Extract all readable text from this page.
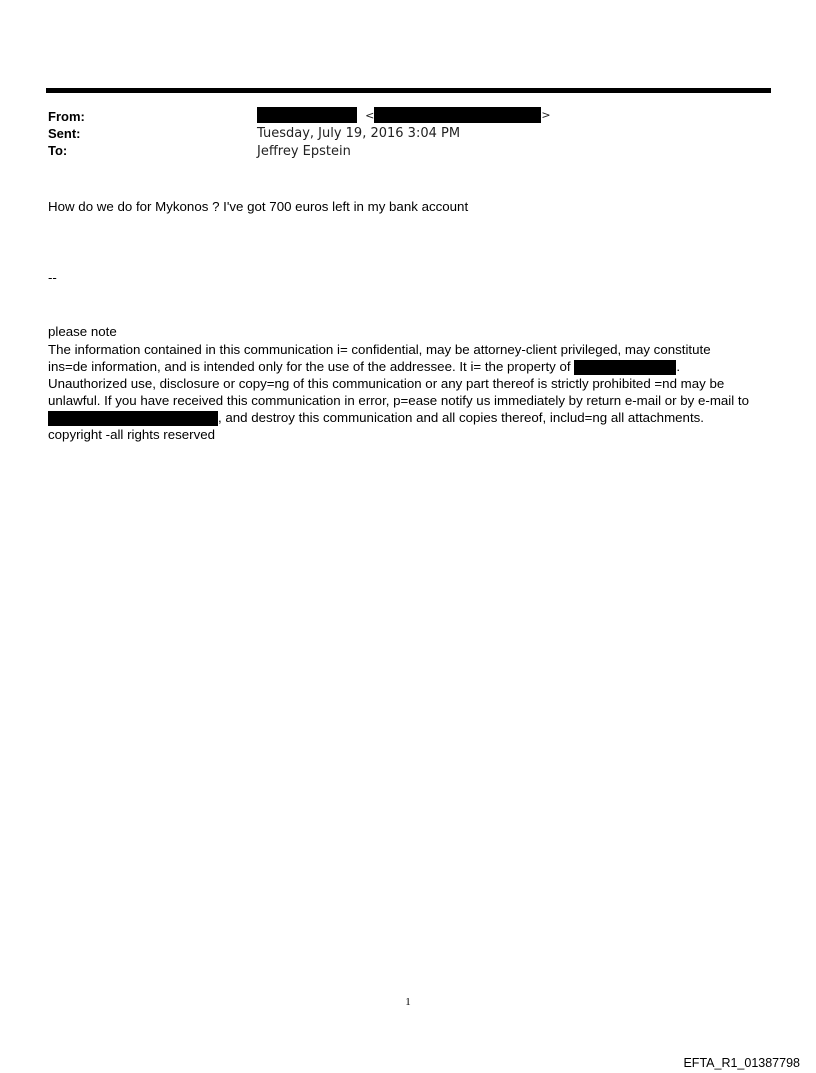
From:
Sent:
To:
<	>
Tuesday, July 19, 2016 3:04 PM
Jeffrey Epstein
How do we do for Mykonos ? I've got 700 euros left in my bank account
--
please note
The information contained in this communication i= confidential, may be attorney-client privileged, may constitute
ins=de information, and is intended only for the use of the addressee. It i= the property of	.
Unauthorized use, disclosure or copy=ng of this communication or any part thereof is strictly prohibited =nd may be
unlawful. If you have received this communication in error, p=ease notify us immediately by return e-mail or by e-mail to
, and destroy this communication and all copies thereof, includ=ng all attachments.
copyright -all rights reserved
1
EFTA_R1_01387798
